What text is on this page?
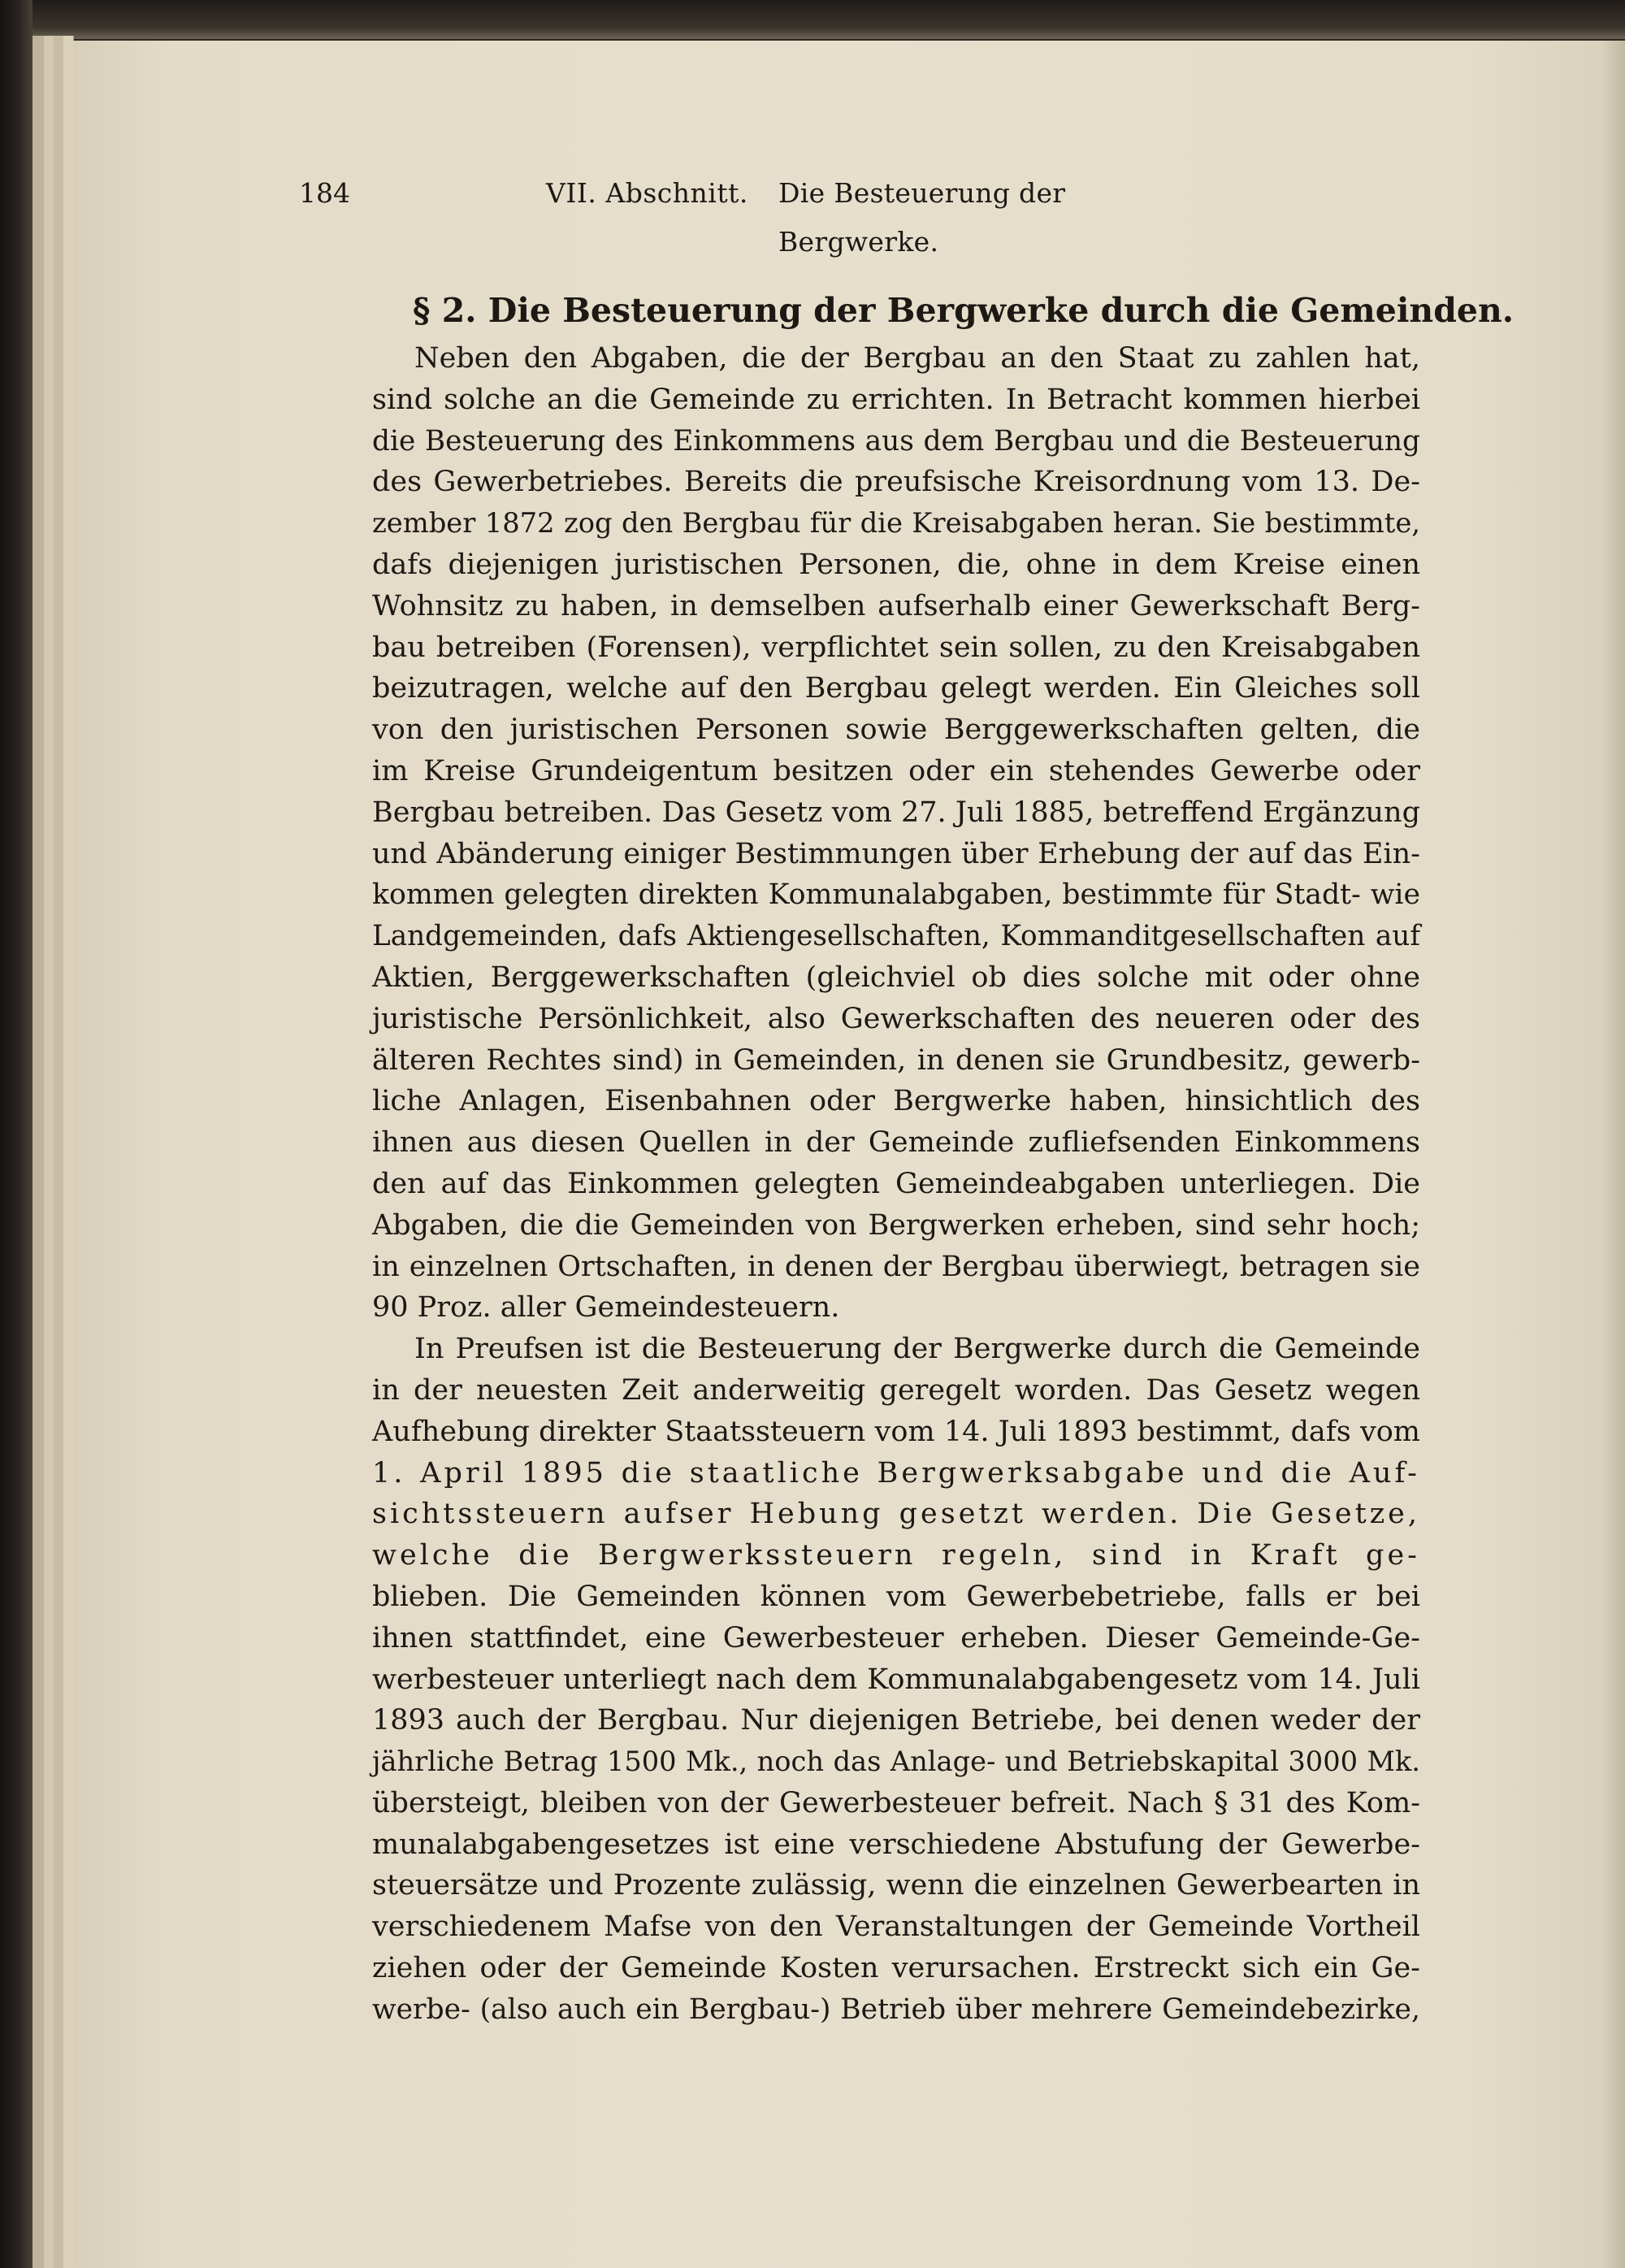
184	VII. Abschnitt. Die Besteuerung der Bergwerke.
§ 2. Die Besteuerung der Bergwerke durch die Gemeinden.
Neben den Abgaben, die der Bergbau an den Staat zu zahlen hat,
sind solche an die Gemeinde zu errichten. In Betracht kommen hierbei
die Besteuerung des Einkommens aus dem Bergbau und die Besteuerung
des Gewerbetriebes. Bereits die preufsische Kreisordnung vom 13. De-
zember 1872 zog den Bergbau für die Kreisabgaben heran. Sie bestimmte,
dafs diejenigen juristischen Personen, die, ohne in dem Kreise einen
Wohnsitz zu haben, in demselben aufserhalb einer Gewerkschaft Berg-
bau betreiben (Forensen), verpflichtet sein sollen, zu den Kreisabgaben
beizutragen, welche auf den Bergbau gelegt werden. Ein Gleiches soll
von den juristischen Personen sowie Berggewerkschaften gelten, die
im Kreise Grundeigentum besitzen oder ein stehendes Gewerbe oder
Bergbau betreiben. Das Gesetz vom 27. Juli 1885, betreffend Ergänzung
und Abänderung einiger Bestimmungen über Erhebung der auf das Ein-
kommen gelegten direkten Kommunalabgaben, bestimmte für Stadt- wie
Landgemeinden, dafs Aktiengesellschaften, Kommanditgesellschaften auf
Aktien, Berggewerkschaften (gleichviel ob dies solche mit oder ohne
juristische Persönlichkeit, also Gewerkschaften des neueren oder des
älteren Rechtes sind) in Gemeinden, in denen sie Grundbesitz, gewerb-
liche Anlagen, Eisenbahnen oder Bergwerke haben, hinsichtlich des
ihnen aus diesen Quellen in der Gemeinde zufliefsenden Einkommens
den auf das Einkommen gelegten Gemeindeabgaben unterliegen. Die
Abgaben, die die Gemeinden von Bergwerken erheben, sind sehr hoch;
in einzelnen Ortschaften, in denen der Bergbau überwiegt, betragen sie
90 Proz. aller Gemeindesteuern.
In Preufsen ist die Besteuerung der Bergwerke durch die Gemeinde
in der neuesten Zeit anderweitig geregelt worden. Das Gesetz wegen
Aufhebung direkter Staatssteuern vom 14. Juli 1893 bestimmt, dafs vom
1. April 1895 die staatliche Bergwerksabgabe und die Auf-
sichtssteuern aufser Hebung gesetzt werden. Die Gesetze,
welche die Bergwerkssteuern regeln, sind in Kraft ge-
blieben. Die Gemeinden können vom Gewerbebetriebe, falls er bei
ihnen stattfindet, eine Gewerbesteuer erheben. Dieser Gemeinde-Ge-
werbesteuer unterliegt nach dem Kommunalabgabengesetz vom 14. Juli
1893 auch der Bergbau. Nur diejenigen Betriebe, bei denen weder der
jährliche Betrag 1500 Mk., noch das Anlage- und Betriebskapital 3000 Mk.
übersteigt, bleiben von der Gewerbesteuer befreit. Nach § 31 des Kom-
munalabgabengesetzes ist eine verschiedene Abstufung der Gewerbe-
steuersätze und Prozente zulässig, wenn die einzelnen Gewerbearten in
verschiedenem Mafse von den Veranstaltungen der Gemeinde Vortheil
ziehen oder der Gemeinde Kosten verursachen. Erstreckt sich ein Ge-
werbe- (also auch ein Bergbau-) Betrieb über mehrere Gemeindebezirke,
